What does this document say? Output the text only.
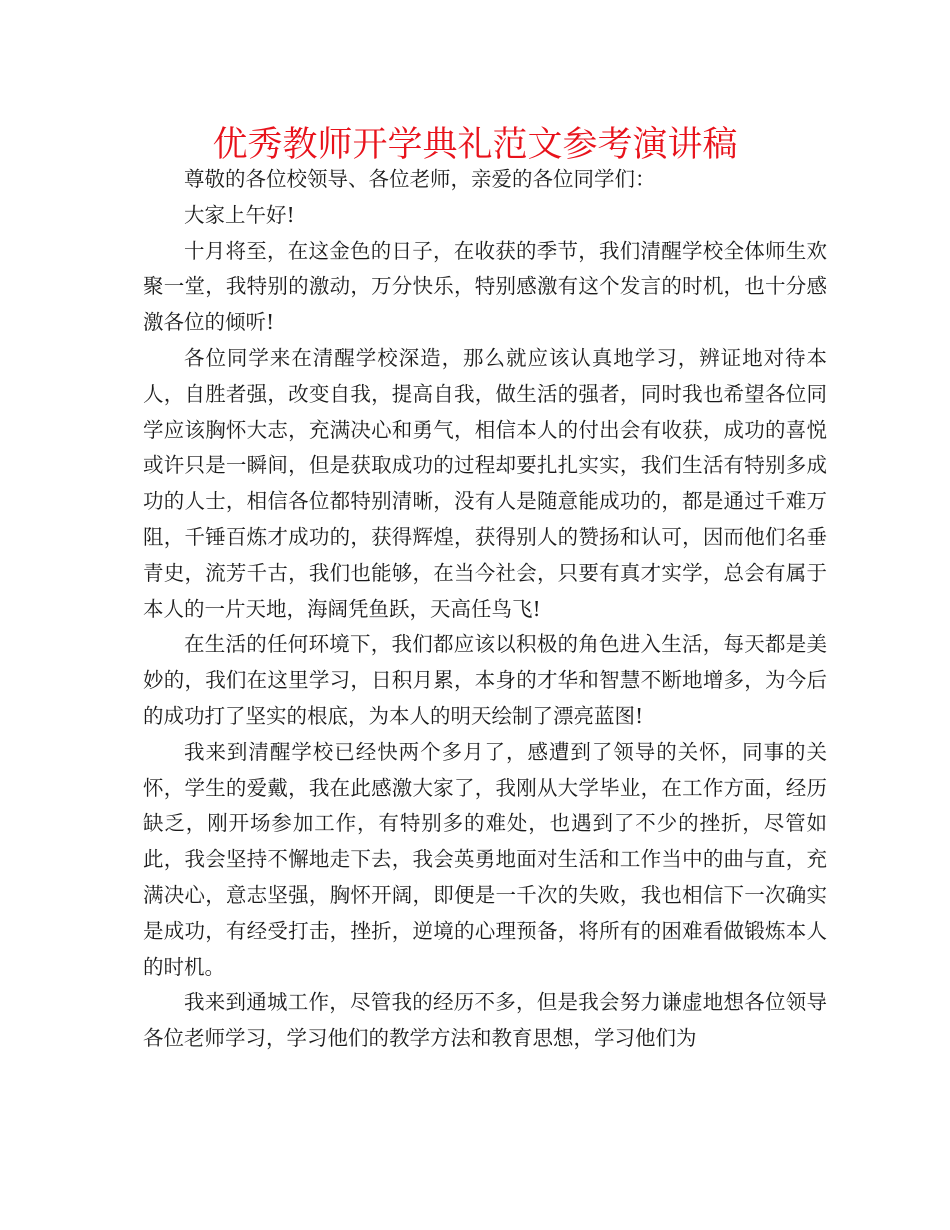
优秀教师开学典礼范文参考演讲稿

尊敬的各位校领导、各位老师，亲爱的各位同学们：

大家上午好!

十月将至，在这金色的日子，在收获的季节，我们清醒学校全体师生欢聚一堂，我特别的激动，万分快乐，特别感激有这个发言的时机，也十分感激各位的倾听!

各位同学来在清醒学校深造，那么就应该认真地学习，辨证地对待本人，自胜者强，改变自我，提高自我，做生活的强者，同时我也希望各位同学应该胸怀大志，充满决心和勇气，相信本人的付出会有收获，成功的喜悦或许只是一瞬间，但是获取成功的过程却要扎扎实实，我们生活有特别多成功的人士，相信各位都特别清晰，没有人是随意能成功的，都是通过千难万阻，千锤百炼才成功的，获得辉煌，获得别人的赞扬和认可，因而他们名垂青史，流芳千古，我们也能够，在当今社会，只要有真才实学，总会有属于本人的一片天地，海阔凭鱼跃，天高任鸟飞!

在生活的任何环境下，我们都应该以积极的角色进入生活，每天都是美妙的，我们在这里学习，日积月累，本身的才华和智慧不断地增多，为今后的成功打了坚实的根底，为本人的明天绘制了漂亮蓝图!

我来到清醒学校已经快两个多月了，感遭到了领导的关怀，同事的关怀，学生的爱戴，我在此感激大家了，我刚从大学毕业，在工作方面，经历缺乏，刚开场参加工作，有特别多的难处，也遇到了不少的挫折，尽管如此，我会坚持不懈地走下去，我会英勇地面对生活和工作当中的曲与直，充满决心，意志坚强，胸怀开阔，即便是一千次的失败，我也相信下一次确实是成功，有经受打击，挫折，逆境的心理预备，将所有的困难看做锻炼本人的时机。

我来到通城工作，尽管我的经历不多，但是我会努力谦虚地想各位领导各位老师学习，学习他们的教学方法和教育思想，学习他们为
